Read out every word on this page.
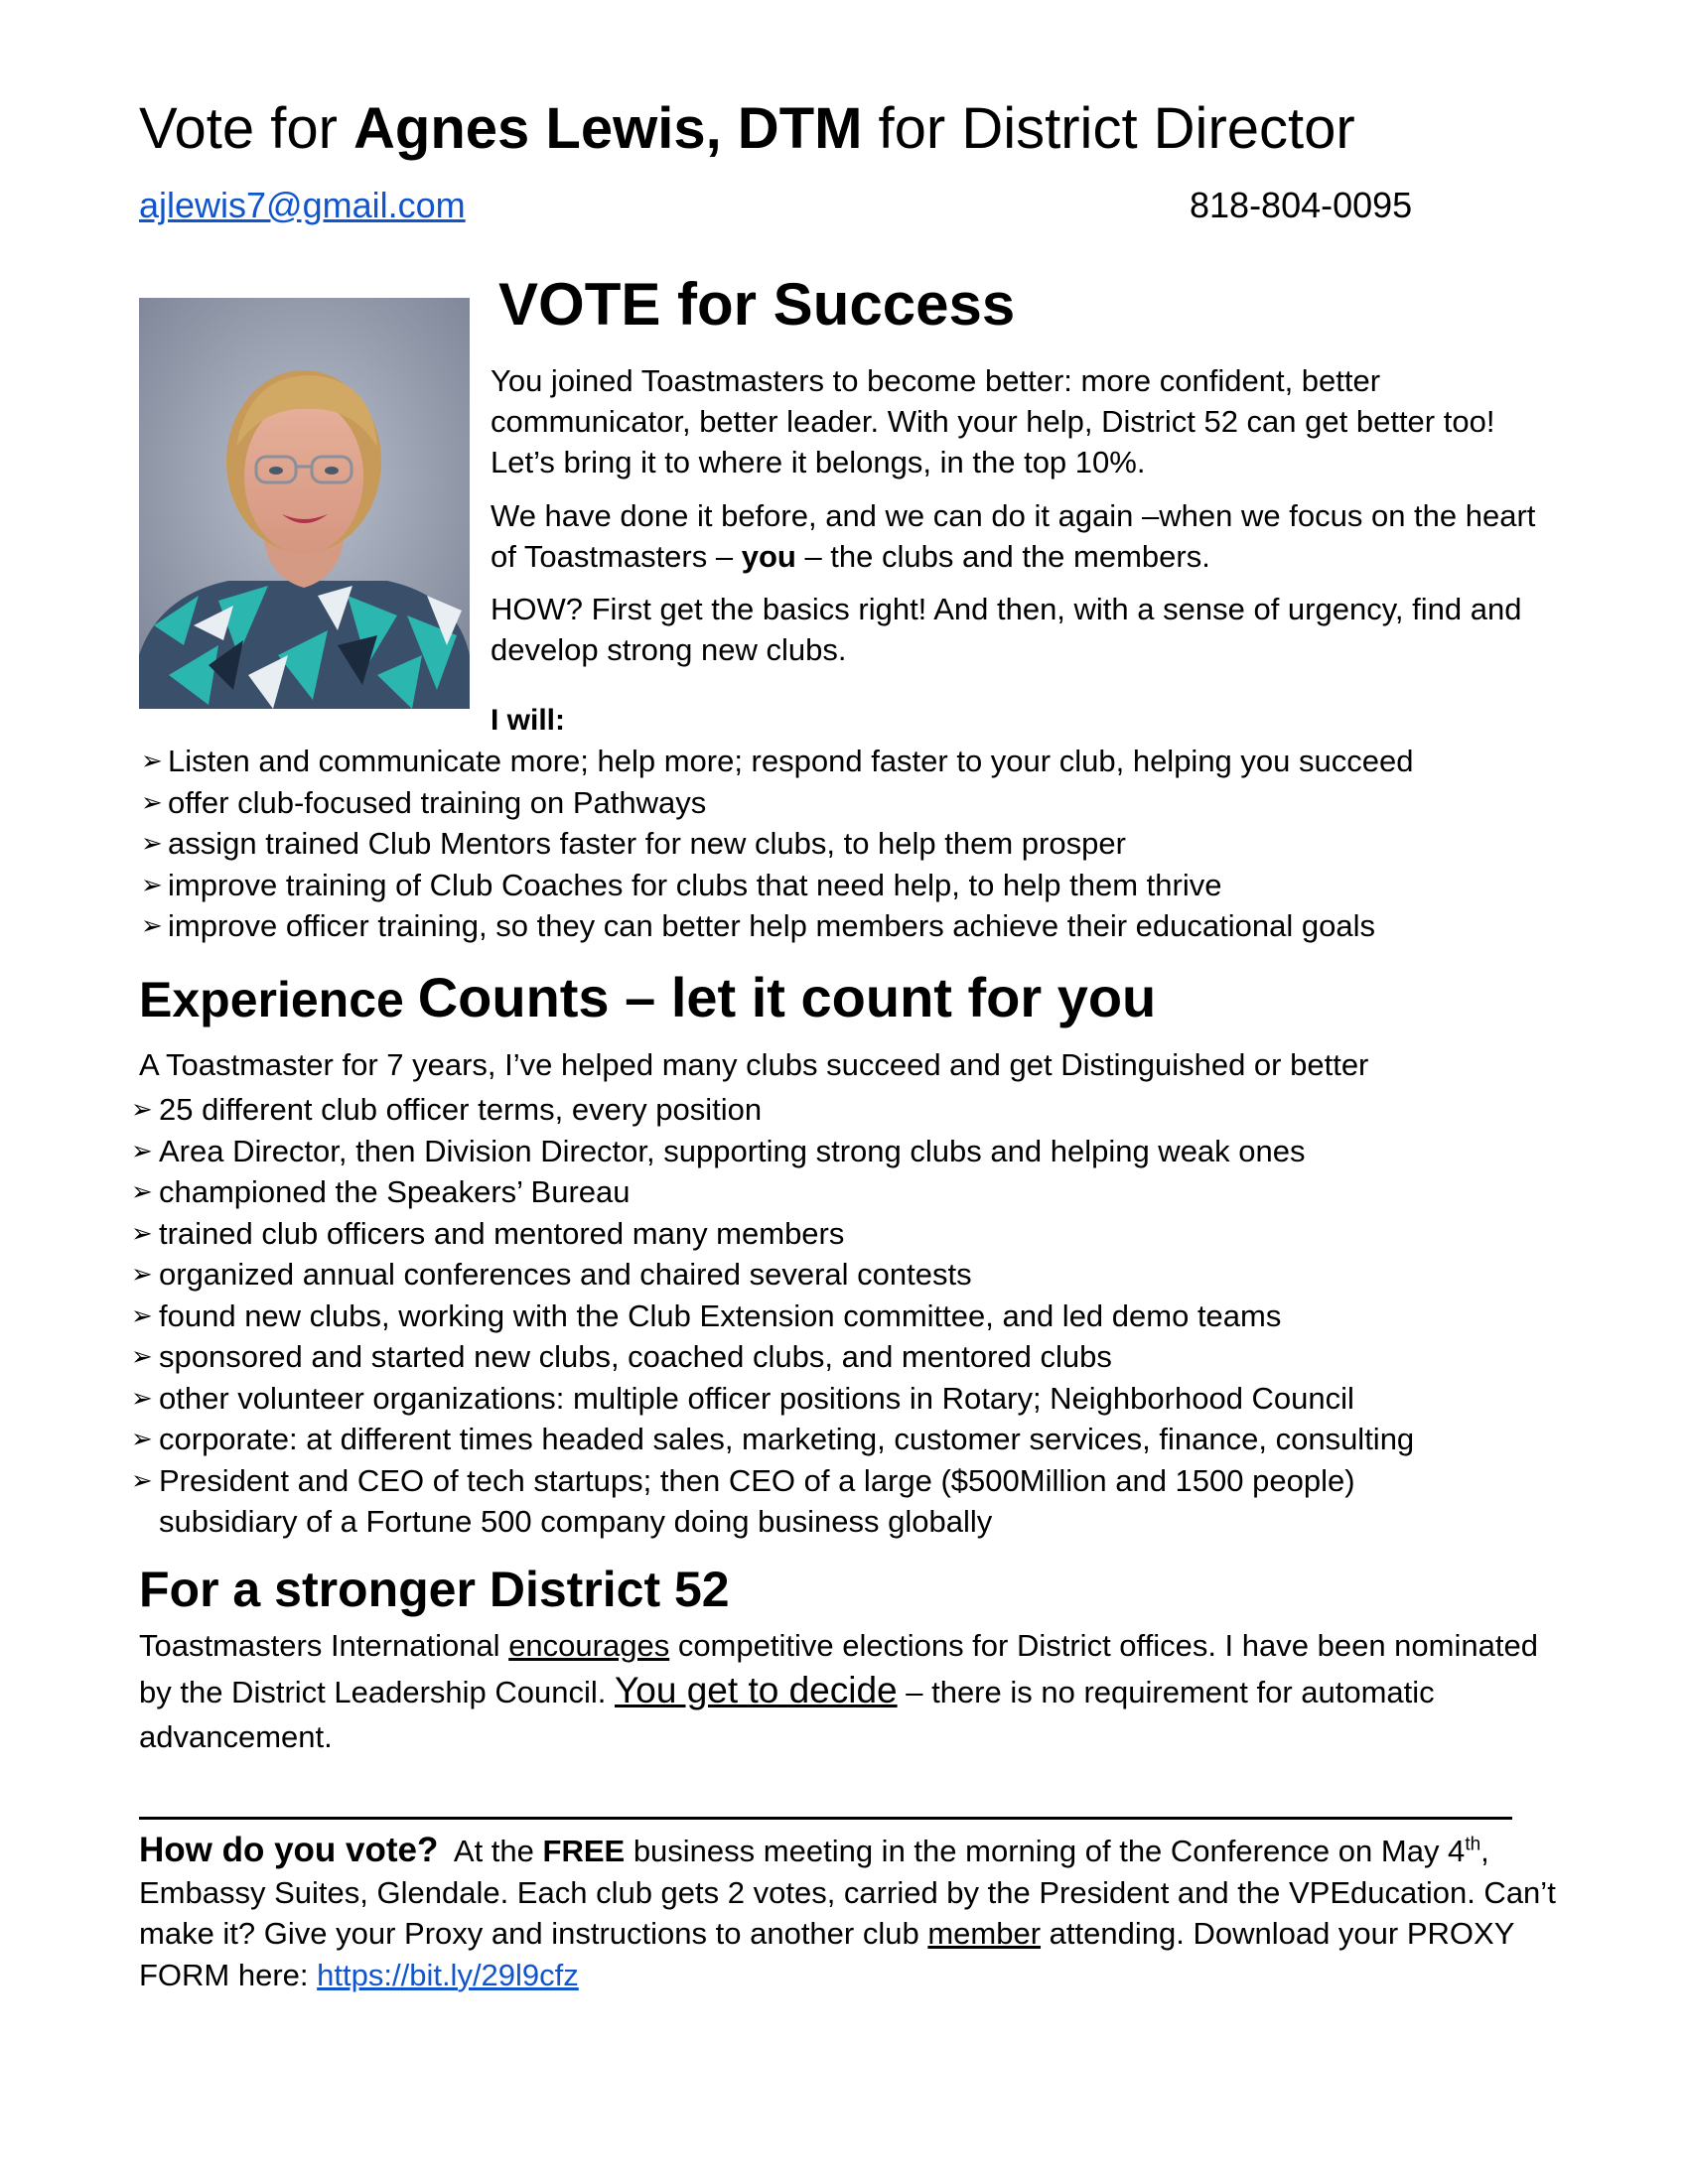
Vote for Agnes Lewis, DTM for District Director
ajlewis7@gmail.com	818-804-0095
VOTE for Success
You joined Toastmasters to become better: more confident, better communicator, better leader. With your help, District 52 can get better too! Let’s bring it to where it belongs, in the top 10%.
We have done it before, and we can do it again –when we focus on the heart of Toastmasters – you – the clubs and the members.
HOW? First get the basics right! And then, with a sense of urgency, find and develop strong new clubs.
I will:
➢ Listen and communicate more; help more; respond faster to your club, helping you succeed
➢ offer club-focused training on Pathways
➢ assign trained Club Mentors faster for new clubs, to help them prosper
➢ improve training of Club Coaches for clubs that need help, to help them thrive
➢ improve officer training, so they can better help members achieve their educational goals
Experience Counts – let it count for you
A Toastmaster for 7 years, I’ve helped many clubs succeed and get Distinguished or better
➢ 25 different club officer terms, every position
➢ Area Director, then Division Director, supporting strong clubs and helping weak ones
➢ championed the Speakers’ Bureau
➢ trained club officers and mentored many members
➢ organized annual conferences and chaired several contests
➢ found new clubs, working with the Club Extension committee, and led demo teams
➢ sponsored and started new clubs, coached clubs, and mentored clubs
➢ other volunteer organizations: multiple officer positions in Rotary; Neighborhood Council
➢ corporate: at different times headed sales, marketing, customer services, finance, consulting
➢ President and CEO of tech startups; then CEO of a large ($500Million and 1500 people)
subsidiary of a Fortune 500 company doing business globally
For a stronger District 52
Toastmasters International encourages competitive elections for District offices. I have been nominated by the District Leadership Council. You get to decide – there is no requirement for automatic advancement.
How do you vote?  At the FREE business meeting in the morning of the Conference on May 4th, Embassy Suites, Glendale. Each club gets 2 votes, carried by the President and the VPEducation. Can’t make it? Give your Proxy and instructions to another club member attending. Download your PROXY FORM here: https://bit.ly/29l9cfz
